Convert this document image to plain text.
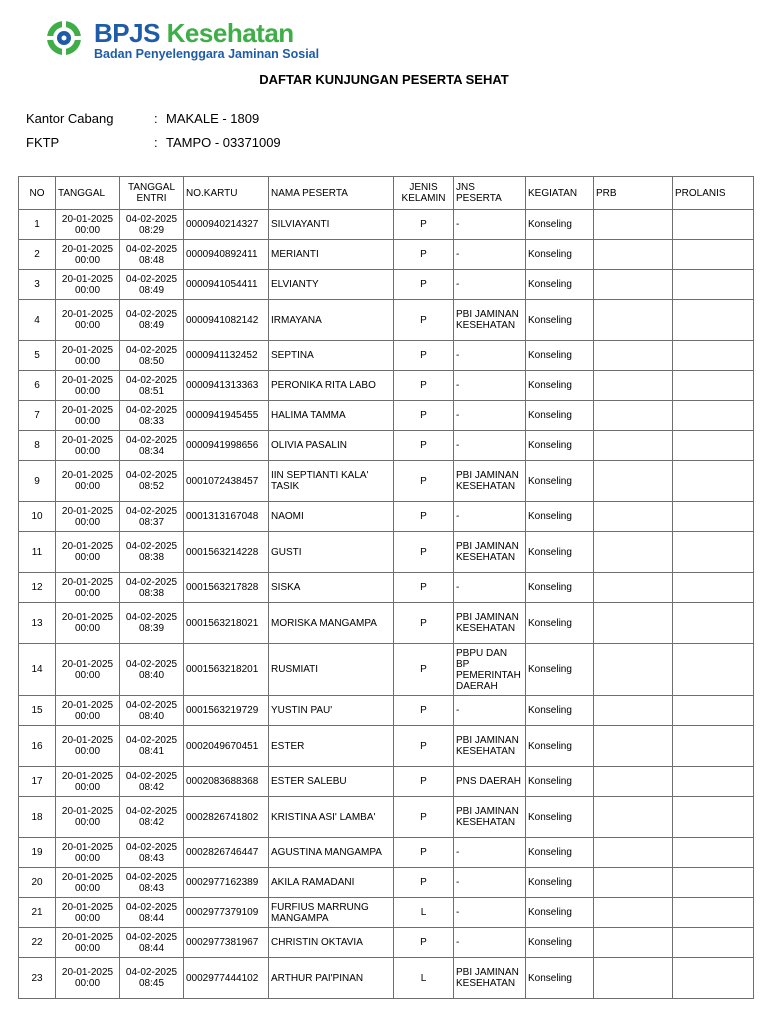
BPJS Kesehatan
Badan Penyelenggara Jaminan Sosial
DAFTAR KUNJUNGAN PESERTA SEHAT
Kantor Cabang	: MAKALE - 1809
FKTP	: TAMPO - 03371009
NO	TANGGAL	TANGGAL ENTRI	NO.KARTU	NAMA PESERTA	JENIS KELAMIN	JNS PESERTA	KEGIATAN	PRB	PROLANIS
1	20-01-2025 00:00	04-02-2025 08:29	0000940214327	SILVIAYANTI	P	-	Konseling		
2	20-01-2025 00:00	04-02-2025 08:48	0000940892411	MERIANTI	P	-	Konseling		
3	20-01-2025 00:00	04-02-2025 08:49	0000941054411	ELVIANTY	P	-	Konseling		
4	20-01-2025 00:00	04-02-2025 08:49	0000941082142	IRMAYANA	P	PBI JAMINAN KESEHATAN	Konseling		
5	20-01-2025 00:00	04-02-2025 08:50	0000941132452	SEPTINA	P	-	Konseling		
6	20-01-2025 00:00	04-02-2025 08:51	0000941313363	PERONIKA RITA LABO	P	-	Konseling		
7	20-01-2025 00:00	04-02-2025 08:33	0000941945455	HALIMA TAMMA	P	-	Konseling		
8	20-01-2025 00:00	04-02-2025 08:34	0000941998656	OLIVIA PASALIN	P	-	Konseling		
9	20-01-2025 00:00	04-02-2025 08:52	0001072438457	IIN SEPTIANTI KALA' TASIK	P	PBI JAMINAN KESEHATAN	Konseling		
10	20-01-2025 00:00	04-02-2025 08:37	0001313167048	NAOMI	P	-	Konseling		
11	20-01-2025 00:00	04-02-2025 08:38	0001563214228	GUSTI	P	PBI JAMINAN KESEHATAN	Konseling		
12	20-01-2025 00:00	04-02-2025 08:38	0001563217828	SISKA	P	-	Konseling		
13	20-01-2025 00:00	04-02-2025 08:39	0001563218021	MORISKA MANGAMPA	P	PBI JAMINAN KESEHATAN	Konseling		
14	20-01-2025 00:00	04-02-2025 08:40	0001563218201	RUSMIATI	P	PBPU DAN BP PEMERINTAH DAERAH	Konseling		
15	20-01-2025 00:00	04-02-2025 08:40	0001563219729	YUSTIN PAU'	P	-	Konseling		
16	20-01-2025 00:00	04-02-2025 08:41	0002049670451	ESTER	P	PBI JAMINAN KESEHATAN	Konseling		
17	20-01-2025 00:00	04-02-2025 08:42	0002083688368	ESTER SALEBU	P	PNS DAERAH	Konseling		
18	20-01-2025 00:00	04-02-2025 08:42	0002826741802	KRISTINA ASI' LAMBA'	P	PBI JAMINAN KESEHATAN	Konseling		
19	20-01-2025 00:00	04-02-2025 08:43	0002826746447	AGUSTINA MANGAMPA	P	-	Konseling		
20	20-01-2025 00:00	04-02-2025 08:43	0002977162389	AKILA RAMADANI	P	-	Konseling		
21	20-01-2025 00:00	04-02-2025 08:44	0002977379109	FURFIUS MARRUNG MANGAMPA	L	-	Konseling		
22	20-01-2025 00:00	04-02-2025 08:44	0002977381967	CHRISTIN OKTAVIA	P	-	Konseling		
23	20-01-2025 00:00	04-02-2025 08:45	0002977444102	ARTHUR PAI'PINAN	L	PBI JAMINAN KESEHATAN	Konseling		
